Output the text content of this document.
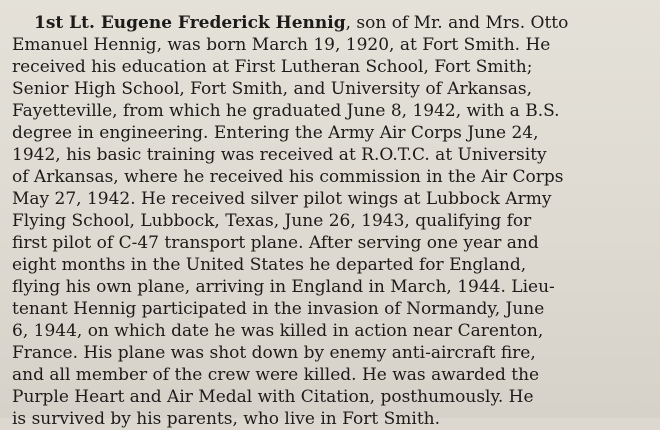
1st Lt. Eugene Frederick Hennig, son of Mr. and Mrs. Otto
Emanuel Hennig, was born March 19, 1920, at Fort Smith. He
received his education at First Lutheran School, Fort Smith;
Senior High School, Fort Smith, and University of Arkansas,
Fayetteville, from which he graduated June 8, 1942, with a B.S.
degree in engineering. Entering the Army Air Corps June 24,
1942, his basic training was received at R.O.T.C. at University
of Arkansas, where he received his commission in the Air Corps
May 27, 1942. He received silver pilot wings at Lubbock Army
Flying School, Lubbock, Texas, June 26, 1943, qualifying for
first pilot of C-47 transport plane. After serving one year and
eight months in the United States he departed for England,
flying his own plane, arriving in England in March, 1944. Lieu-
tenant Hennig participated in the invasion of Normandy, June
6, 1944, on which date he was killed in action near Carenton,
France. His plane was shot down by enemy anti-aircraft fire,
and all member of the crew were killed. He was awarded the
Purple Heart and Air Medal with Citation, posthumously. He
is survived by his parents, who live in Fort Smith.
